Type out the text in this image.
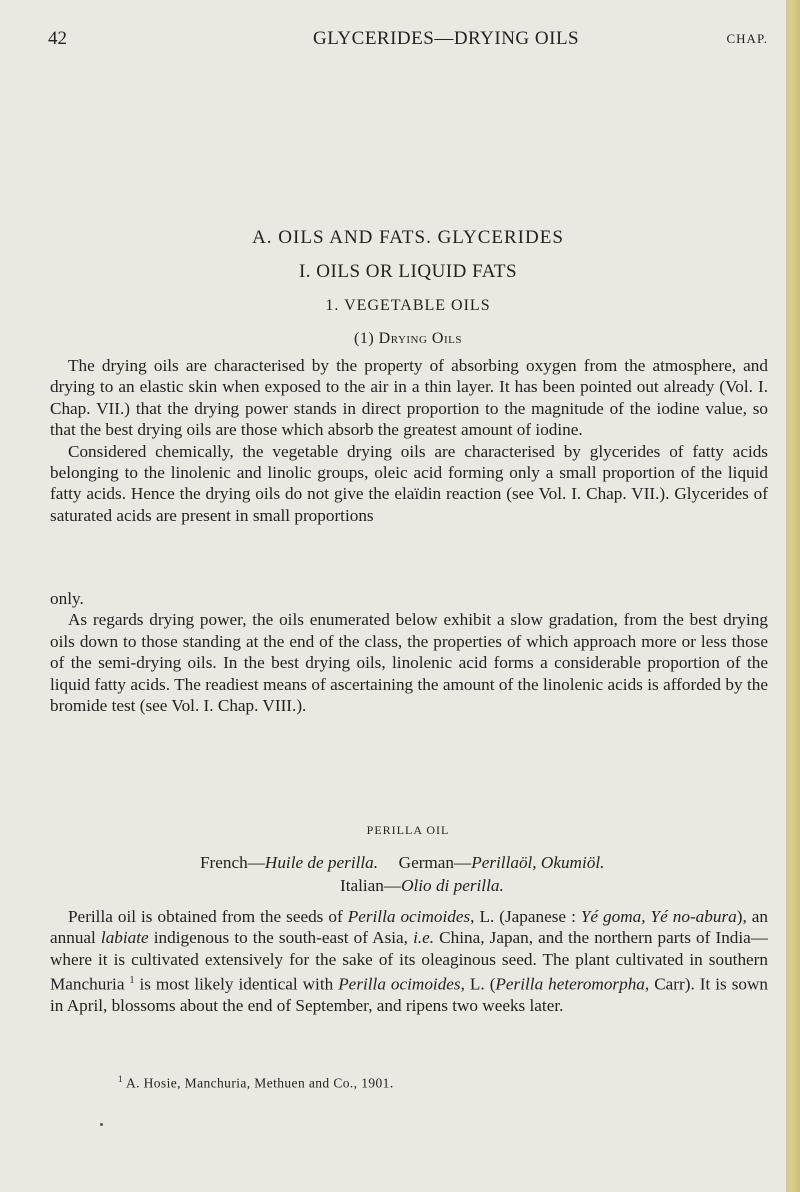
42	GLYCERIDES—DRYING OILS	CHAP.
A. OILS AND FATS. GLYCERIDES
I. OILS OR LIQUID FATS
1. VEGETABLE OILS
(1) Drying Oils
The drying oils are characterised by the property of absorbing oxygen from the atmosphere, and drying to an elastic skin when exposed to the air in a thin layer. It has been pointed out already (Vol. I. Chap. VII.) that the drying power stands in direct proportion to the magnitude of the iodine value, so that the best drying oils are those which absorb the greatest amount of iodine.
Considered chemically, the vegetable drying oils are characterised by glycerides of fatty acids belonging to the linolenic and linolic groups, oleic acid forming only a small proportion of the liquid fatty acids. Hence the drying oils do not give the elaïdin reaction (see Vol. I. Chap. VII.). Glycerides of saturated acids are present in small proportions
only.
As regards drying power, the oils enumerated below exhibit a slow gradation, from the best drying oils down to those standing at the end of the class, the properties of which approach more or less those of the semi-drying oils. In the best drying oils, linolenic acid forms a considerable proportion of the liquid fatty acids. The readiest means of ascertaining the amount of the linolenic acids is afforded by the bromide test (see Vol. I. Chap. VIII.).
PERILLA OIL
French—Huile de perilla. German—Perillaöl, Okumiöl.
Italian—Olio di perilla.

Perilla oil is obtained from the seeds of Perilla ocimoides, L. (Japanese : Yé goma, Yé no-abura), an annual labiate indigenous to the south-east of Asia, i.e. China, Japan, and the northern parts of India—where it is cultivated extensively for the sake of its oleaginous seed. The plant cultivated in southern Manchuria $^1$ is most likely identical with Perilla ocimoides, L. (Perilla heteromorpha, Carr). It is sown in April, blossoms about the end of September, and ripens two weeks later.

$^1$ A. Hosie, Manchuria, Methuen and Co., 1901.
